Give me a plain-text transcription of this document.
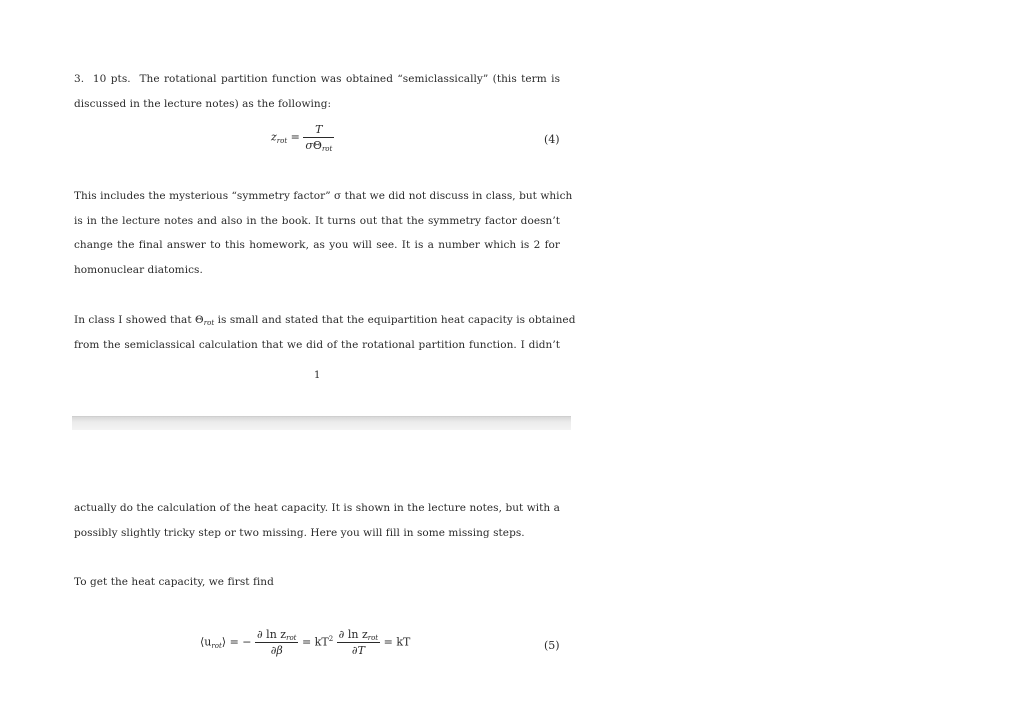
3. 10 pts. The rotational partition function was obtained “semiclassically” (this term is
discussed in the lecture notes) as the following:

zrot = $\frac{T}{\text{σΘrot}}$	(4)

This includes the mysterious “symmetry factor” σ that we did not discuss in class, but which
is in the lecture notes and also in the book. It turns out that the symmetry factor doesn’t
change the final answer to this homework, as you will see. It is a number which is 2 for
homonuclear diatomics.

In class I showed that Θrot is small and stated that the equipartition heat capacity is obtained
from the semiclassical calculation that we did of the rotational partition function. I didn’t

1

actually do the calculation of the heat capacity. It is shown in the lecture notes, but with a
possibly slightly tricky step or two missing. Here you will fill in some missing steps.

To get the heat capacity, we first find

⟨urot⟩ = − $\frac{\text{∂ ln zrot}}{\partial\beta} = kT^2 \frac{\text{∂ ln zrot}}{\partial T}$ = kT	(5)
